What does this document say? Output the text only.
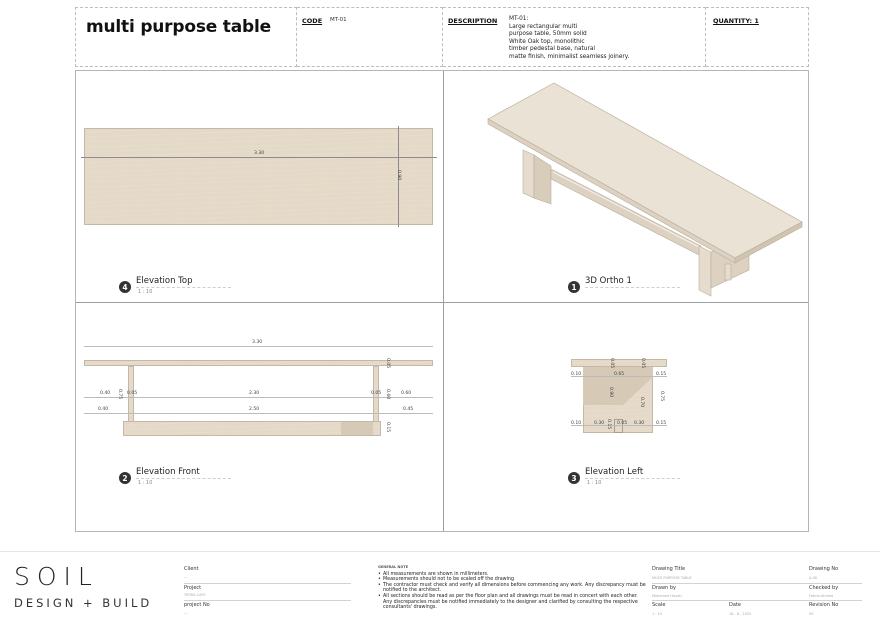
multi purpose table	CODE MT-01	DESCRIPTION MT-01:
Large rectangular multi
purpose table, 50mm solid
White Oak top, monolithic
timber pedestal base, natural
matte finish, minimalist seamless joinery.
QUANTITY: 1
3.30
0.90
4
Elevation Top
1 : 10
1
3D Ortho 1
3.30
0.40
0.40
0.75 0.05	2.30
2.50
0.05
0.05
0.60 0.60
0.45
0.15
2
Elevation Front
1 : 10
0.05	0.05
0.10	0.65	0.15
0.90
0.70
0.75
0.10	0.30 0.15 0.05 0.30	0.15
3
Elevation Left
1 : 10
SOIL
DESIGN + BUILD
Client
—
Project
TERRA CAFE
project No
—
GENERAL NOTE
• All measurements are shown in millimeters.
• Measurements should not to be scaled off the drawing
• The contractor must check and verify all dimensions before commencing any work. Any discrepancy must be notified to the architect.
• All sections should be read as per the floor plan and all drawings must be read in concert with each other. Any discrepancies must be notified immediately to the designer and clarified by consulting the respective consultants' drawings.
Drawing Title
MULTI PURPOSE TABLE
Drawing No
A-06
Drawn by
Mohamed Hayati
Checked by
Fatma Ahmed
Scale
1 : 10
Date
18 . 6 . 2025
Revision No
00
